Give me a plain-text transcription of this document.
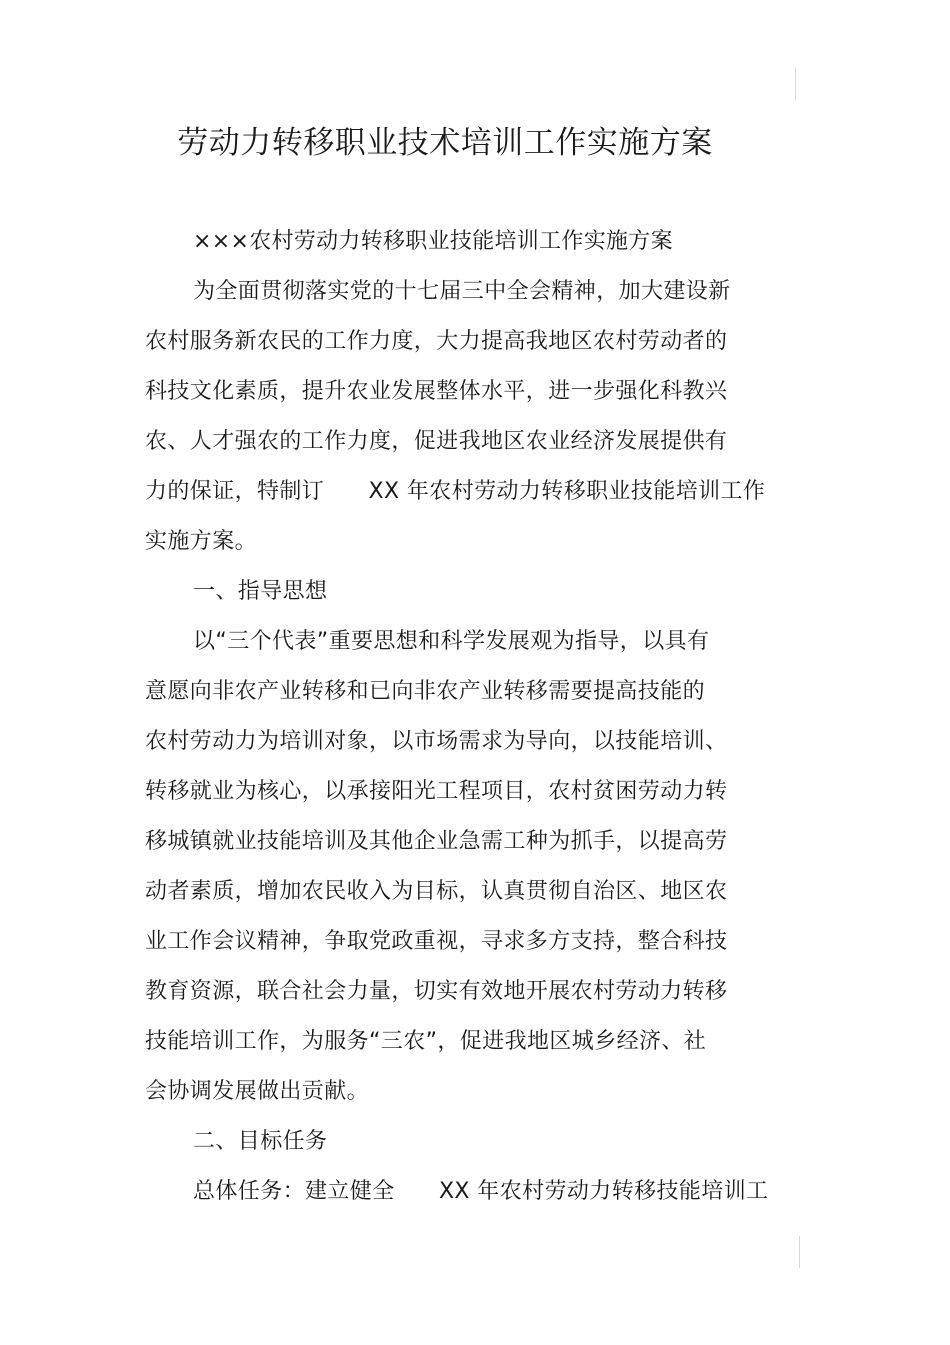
劳动力转移职业技术培训工作实施方案
×××农村劳动力转移职业技能培训工作实施方案
为全面贯彻落实党的十七届三中全会精神，加大建设新
农村服务新农民的工作力度，大力提高我地区农村劳动者的
科技文化素质，提升农业发展整体水平，进一步强化科教兴
农、人才强农的工作力度，促进我地区农业经济发展提供有
力的保证，特制订      XX 年农村劳动力转移职业技能培训工作
实施方案。
一、指导思想
以“三个代表”重要思想和科学发展观为指导，以具有
意愿向非农产业转移和已向非农产业转移需要提高技能的
农村劳动力为培训对象，以市场需求为导向，以技能培训、
转移就业为核心，以承接阳光工程项目，农村贫困劳动力转
移城镇就业技能培训及其他企业急需工种为抓手，以提高劳
动者素质，增加农民收入为目标，认真贯彻自治区、地区农
业工作会议精神，争取党政重视，寻求多方支持，整合科技
教育资源，联合社会力量，切实有效地开展农村劳动力转移
技能培训工作，为服务“三农”，促进我地区城乡经济、社
会协调发展做出贡献。
二、目标任务
总体任务：建立健全      XX 年农村劳动力转移技能培训工
